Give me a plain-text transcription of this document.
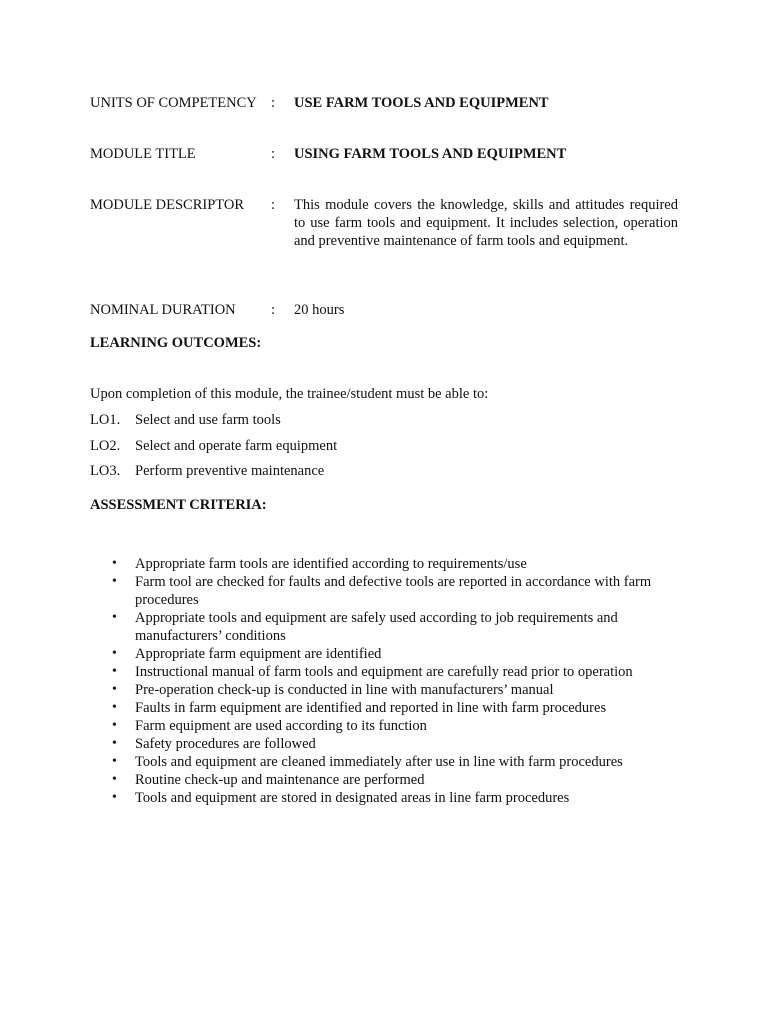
UNITS OF COMPETENCY : USE FARM TOOLS AND EQUIPMENT
MODULE TITLE	: USING FARM TOOLS AND EQUIPMENT
MODULE DESCRIPTOR : This module covers the knowledge, skills and attitudes required to use farm tools and equipment. It includes selection, operation and preventive maintenance of farm tools and equipment.
NOMINAL DURATION : 20 hours
LEARNING OUTCOMES:
Upon completion of this module, the trainee/student must be able to:
LO1. Select and use farm tools
LO2. Select and operate farm equipment
LO3. Perform preventive maintenance
ASSESSMENT CRITERIA:
• Appropriate farm tools are identified according to requirements/use
• Farm tool are checked for faults and defective tools are reported in accordance with farm procedures
• Appropriate tools and equipment are safely used according to job requirements and manufacturers’ conditions
• Appropriate farm equipment are identified
• Instructional manual of farm tools and equipment are carefully read prior to operation
• Pre-operation check-up is conducted in line with manufacturers’ manual
• Faults in farm equipment are identified and reported in line with farm procedures
• Farm equipment are used according to its function
• Safety procedures are followed
• Tools and equipment are cleaned immediately after use in line with farm procedures
• Routine check-up and maintenance are performed
• Tools and equipment are stored in designated areas in line farm procedures
